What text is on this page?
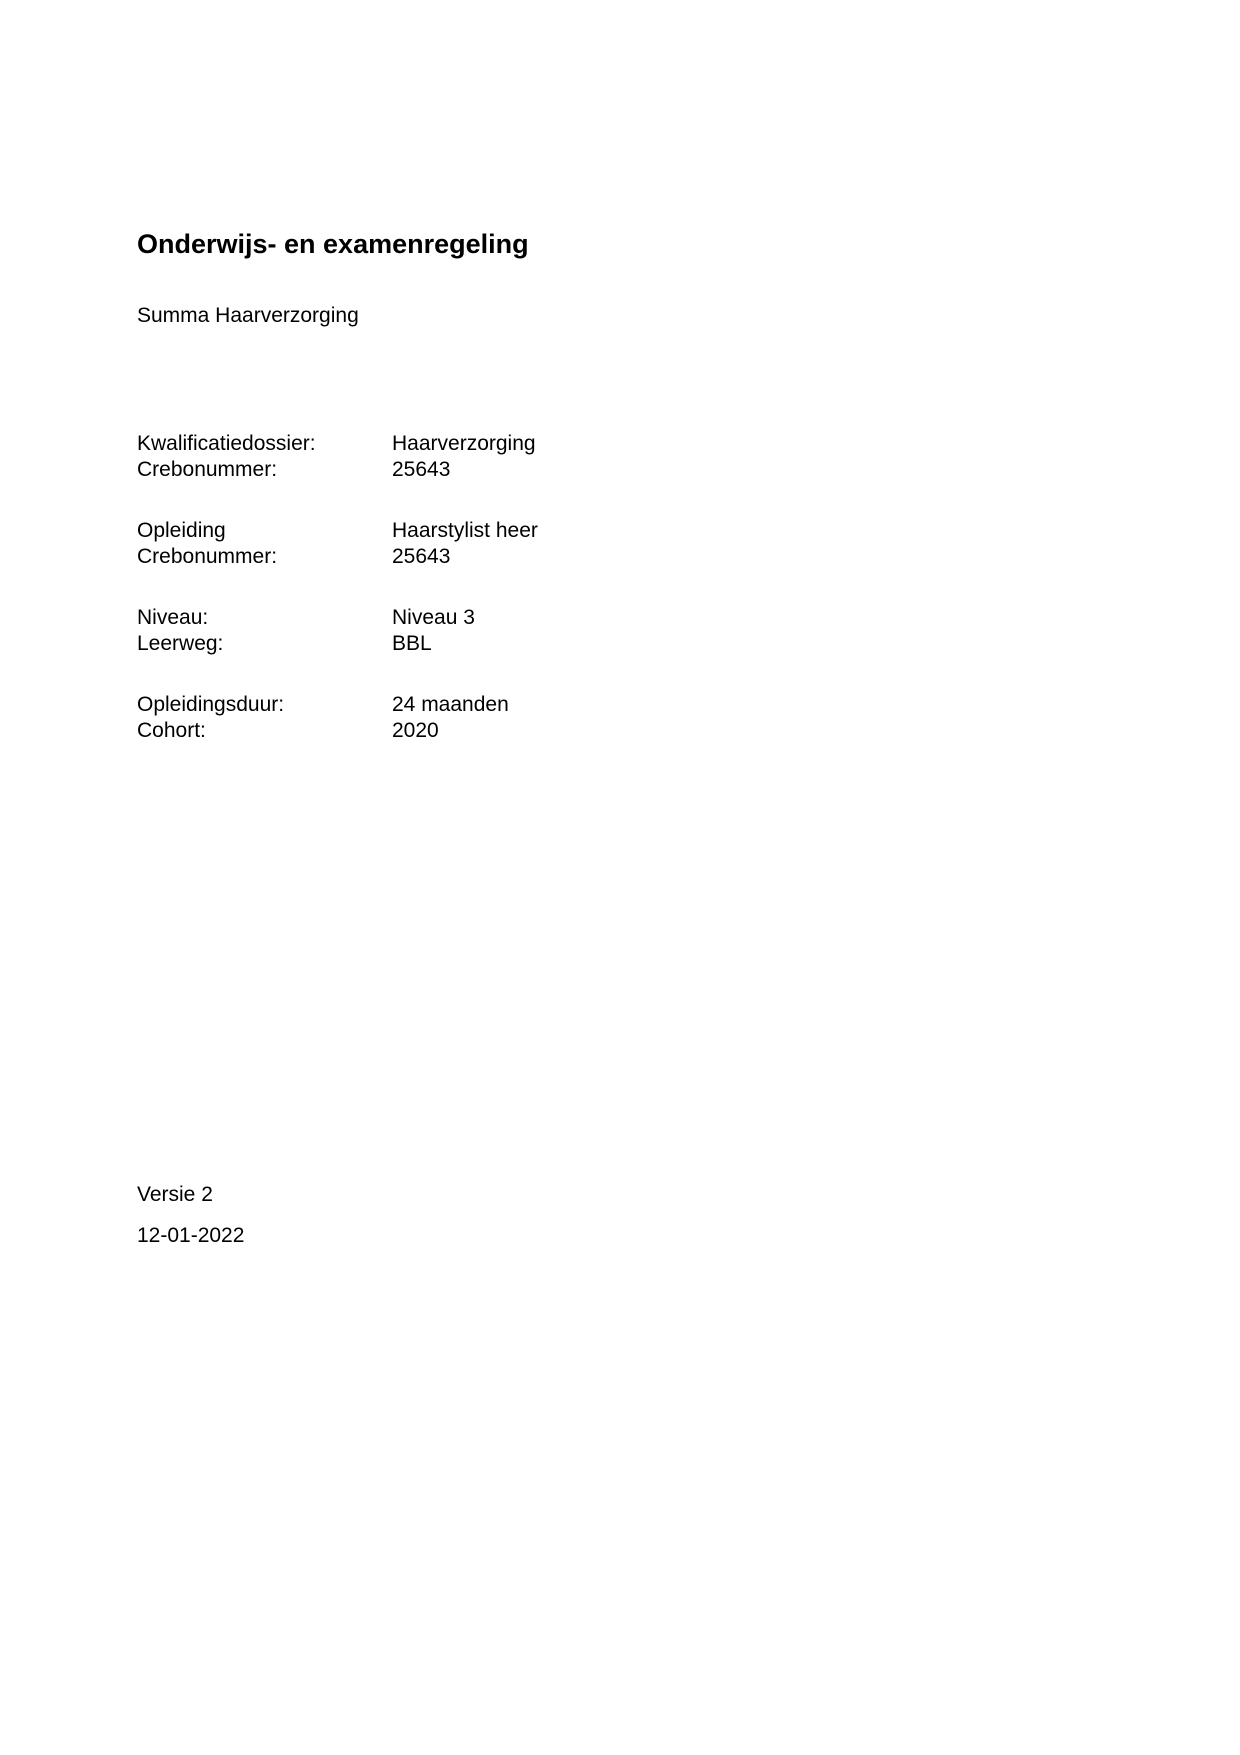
Onderwijs- en examenregeling
Summa Haarverzorging
Kwalificatiedossier:	Haarverzorging
Crebonummer:	25643
Opleiding	Haarstylist heer
Crebonummer:	25643
Niveau:	Niveau 3
Leerweg:	BBL
Opleidingsduur:	24 maanden
Cohort:	2020
Versie 2
12-01-2022
